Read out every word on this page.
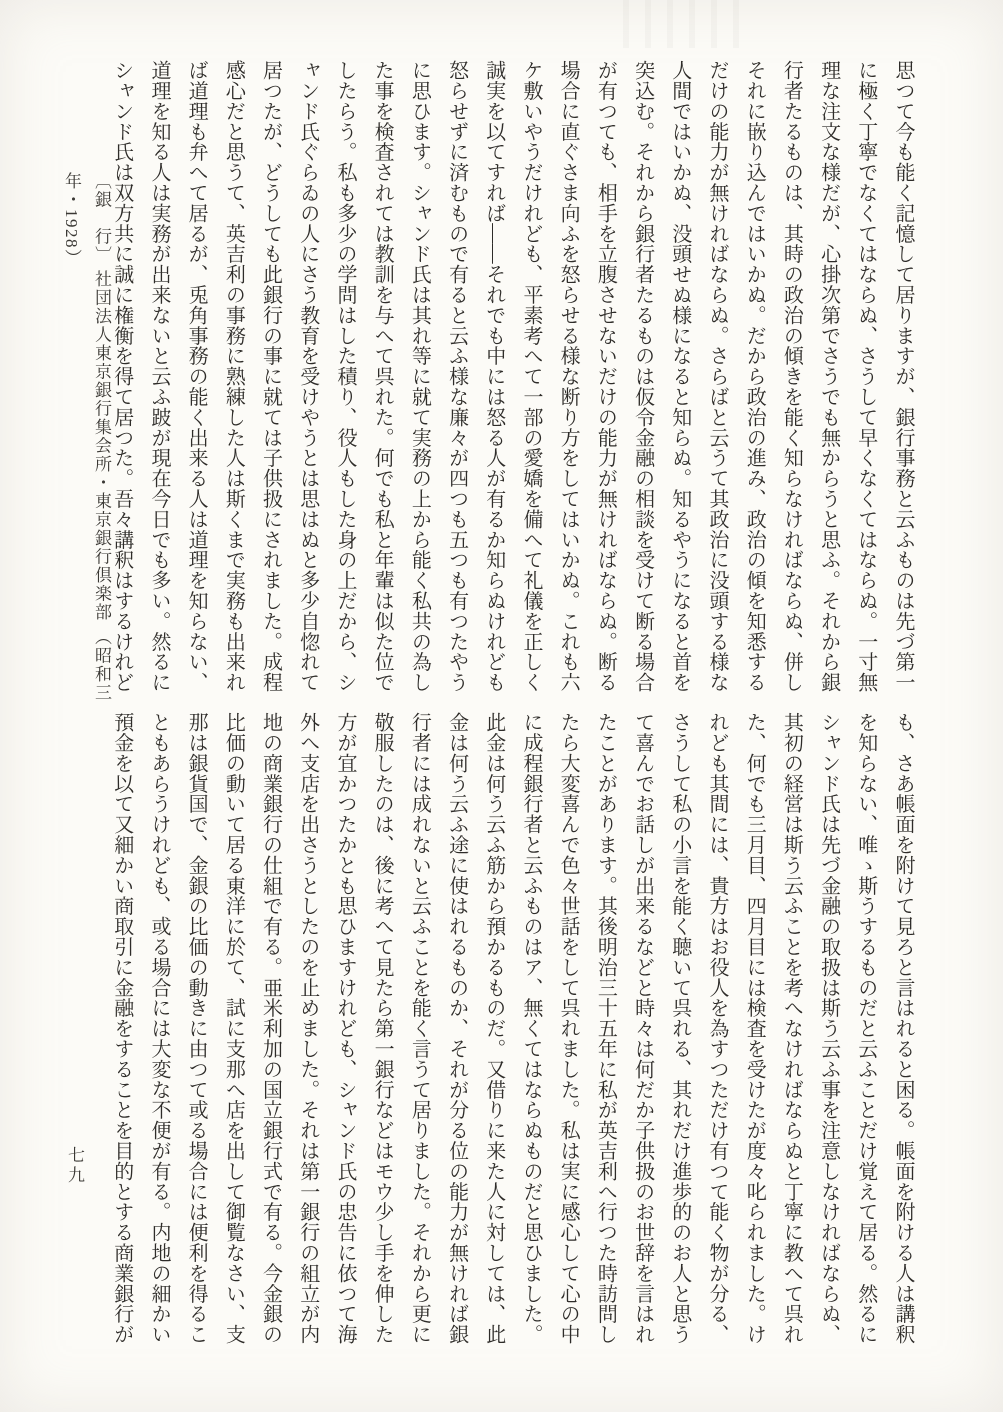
思つて今も能く記憶して居りますが、銀行事務と云ふものは先づ第一
に極く丁寧でなくてはならぬ、さうして早くなくてはならぬ。一寸無
理な注文な様だが、心掛次第でさうでも無からうと思ふ。それから銀
行者たるものは、其時の政治の傾きを能く知らなければならぬ、併し
それに嵌り込んではいかぬ。だから政治の進み、政治の傾を知悉する
だけの能力が無ければならぬ。さらばと云うて其政治に没頭する様な
人間ではいかぬ、没頭せぬ様になると知らぬ。知るやうになると首を
突込む。それから銀行者たるものは仮令金融の相談を受けて断る場合
が有つても、相手を立腹させないだけの能力が無ければならぬ。断る
場合に直ぐさま向ふを怒らせる様な断り方をしてはいかぬ。これも六
ケ敷いやうだけれども、平素考へて一部の愛嬌を備へて礼儀を正しく
誠実を以てすれば――それでも中には怒る人が有るか知らぬけれども
怒らせずに済むもので有ると云ふ様な廉々が四つも五つも有つたやう
に思ひます。シャンド氏は其れ等に就て実務の上から能く私共の為し
た事を検査されては教訓を与へて呉れた。何でも私と年輩は似た位で
したらう。私も多少の学問はした積り、役人もした身の上だから、シ
ャンド氏ぐらゐの人にさう教育を受けやうとは思はぬと多少自惚れて
居つたが、どうしても此銀行の事に就ては子供扱にされました。成程
感心だと思うて、英吉利の事務に熟練した人は斯くまで実務も出来れ
ば道理も弁へて居るが、兎角事務の能く出来る人は道理を知らない、
道理を知る人は実務が出来ないと云ふ跛が現在今日でも多い。然るに
シャンド氏は双方共に誠に権衡を得て居つた。吾々講釈はするけれど
〔銀　行〕 社団法人東京銀行集会所・東京銀行倶楽部 （昭和三年・1928）
も、さあ帳面を附けて見ろと言はれると困る。帳面を附ける人は講釈
を知らない、唯ゝ斯うするものだと云ふことだけ覚えて居る。然るに
シャンド氏は先づ金融の取扱は斯う云ふ事を注意しなければならぬ、
其初の経営は斯う云ふことを考へなければならぬと丁寧に教へて呉れ
た、何でも三月目、四月目には検査を受けたが度々叱られました。け
れども其間には、貴方はお役人を為すつただけ有つて能く物が分る、
さうして私の小言を能く聴いて呉れる、其れだけ進歩的のお人と思う
て喜んでお話しが出来るなどと時々は何だか子供扱のお世辞を言はれ
たことがあります。其後明治三十五年に私が英吉利へ行つた時訪問し
たら大変喜んで色々世話をして呉れました。私は実に感心して心の中
に成程銀行者と云ふものはア、無くてはならぬものだと思ひました。
此金は何う云ふ筋から預かるものだ。又借りに来た人に対しては、此
金は何う云ふ途に使はれるものか、それが分る位の能力が無ければ銀
行者には成れないと云ふことを能く言うて居りました。それから更に
敬服したのは、後に考へて見たら第一銀行などはモウ少し手を伸した
方が宜かつたかとも思ひますけれども、シャンド氏の忠告に依つて海
外へ支店を出さうとしたのを止めました。それは第一銀行の組立が内
地の商業銀行の仕組で有る。亜米利加の国立銀行式で有る。今金銀の
比価の動いて居る東洋に於て、試に支那へ店を出して御覧なさい、支
那は銀貨国で、金銀の比価の動きに由つて或る場合には便利を得るこ
ともあらうけれども、或る場合には大変な不便が有る。内地の細かい
預金を以て又細かい商取引に金融をすることを目的とする商業銀行が
七九
